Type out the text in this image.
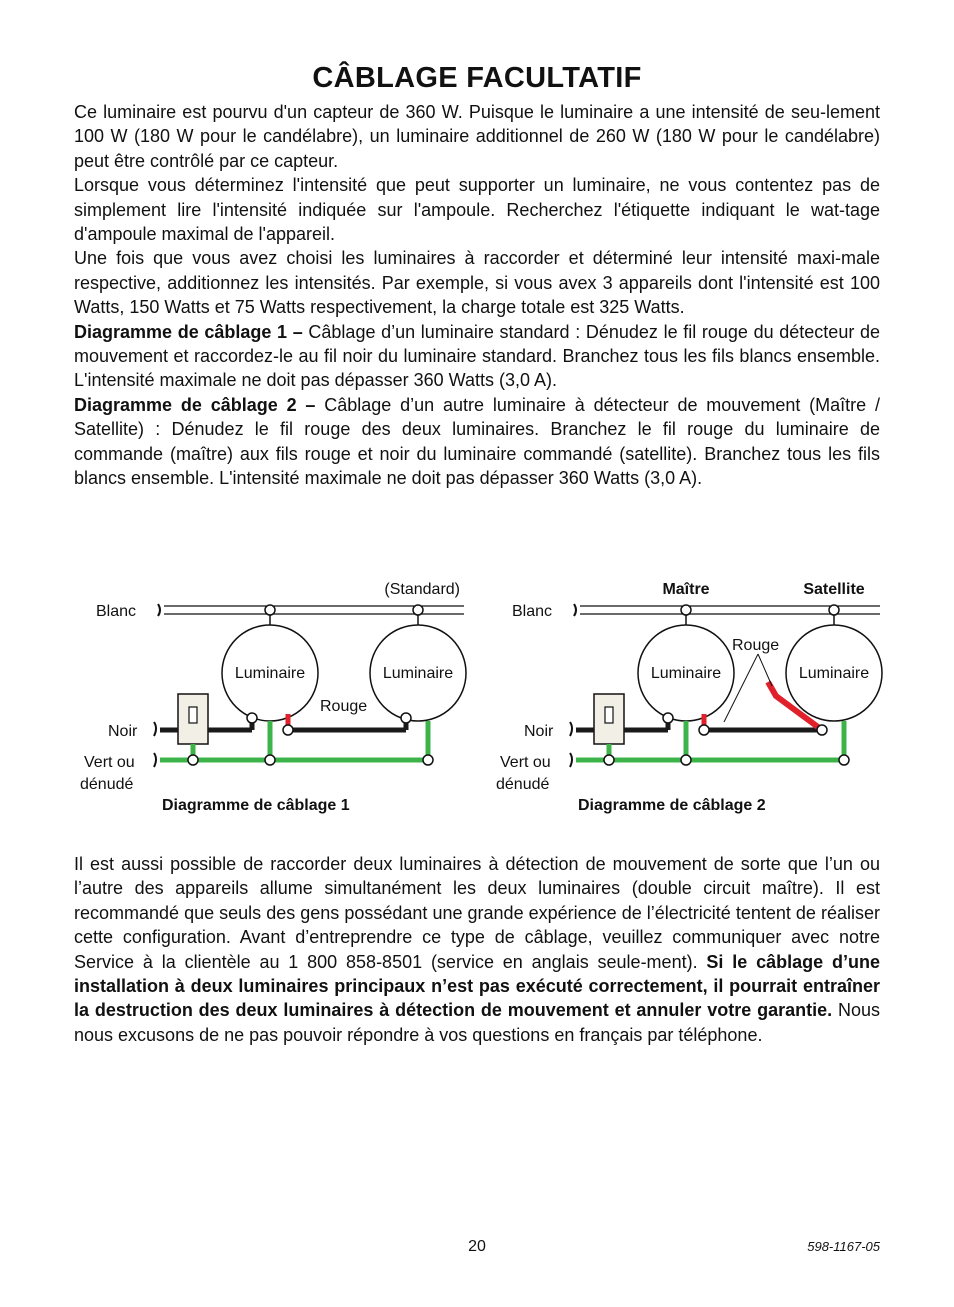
CÂBLAGE FACULTATIF

Ce luminaire est pourvu d'un capteur de 360 W. Puisque le luminaire a une intensité de seu-lement 100 W (180 W pour le candélabre), un luminaire additionnel de 260 W (180 W pour le candélabre) peut être contrôlé par ce capteur.

Lorsque vous déterminez l'intensité que peut supporter un luminaire, ne vous contentez pas de simplement lire l'intensité indiquée sur l'ampoule. Recherchez l'étiquette indiquant le wat-tage d'ampoule maximal de l'appareil.

Une fois que vous avez choisi les luminaires à raccorder et déterminé leur intensité maxi-male respective, additionnez les intensités. Par exemple, si vous avex 3 appareils dont l'intensité est 100 Watts, 150 Watts et 75 Watts respectivement, la charge totale est 325 Watts.

Diagramme de câblage 1 – Câblage d’un luminaire standard : Dénudez le fil rouge du détecteur de mouvement et raccordez-le au fil noir du luminaire standard. Branchez tous les fils blancs ensemble. L'intensité maximale ne doit pas dépasser 360 Watts (3,0 A).

Diagramme de câblage 2 – Câblage d’un autre luminaire à détecteur de mouvement (Maître / Satellite) : Dénudez le fil rouge des deux luminaires. Branchez le fil rouge du luminaire de commande (maître) aux fils rouge et noir du luminaire commandé (satellite). Branchez tous les fils blancs ensemble. L'intensité maximale ne doit pas dépasser 360 Watts (3,0 A).

Luminaire	Luminaire
(Standard)
Blanc
Noir
Vert ou
dénudé
Rouge
Diagramme de câblage 1
Luminaire	Luminaire
Maître	Satellite
Blanc
Noir
Vert ou
dénudé
Rouge
Diagramme de câblage 2

Il est aussi possible de raccorder deux luminaires à détection de mouvement de sorte que l’un ou l’autre des appareils allume simultanément les deux luminaires (double circuit maître). Il est recommandé que seuls des gens possédant une grande expérience de l’électricité tentent de réaliser cette configuration. Avant d’entreprendre ce type de câblage, veuillez communiquer avec notre Service à la clientèle au 1 800 858-8501 (service en anglais seule-ment). Si le câblage d’une installation à deux luminaires principaux n’est pas exécuté correctement, il pourrait entraîner la destruction des deux luminaires à détection de mouvement et annuler votre garantie. Nous nous excusons de ne pas pouvoir répondre à vos questions en français par téléphone.

20	598-1167-05
